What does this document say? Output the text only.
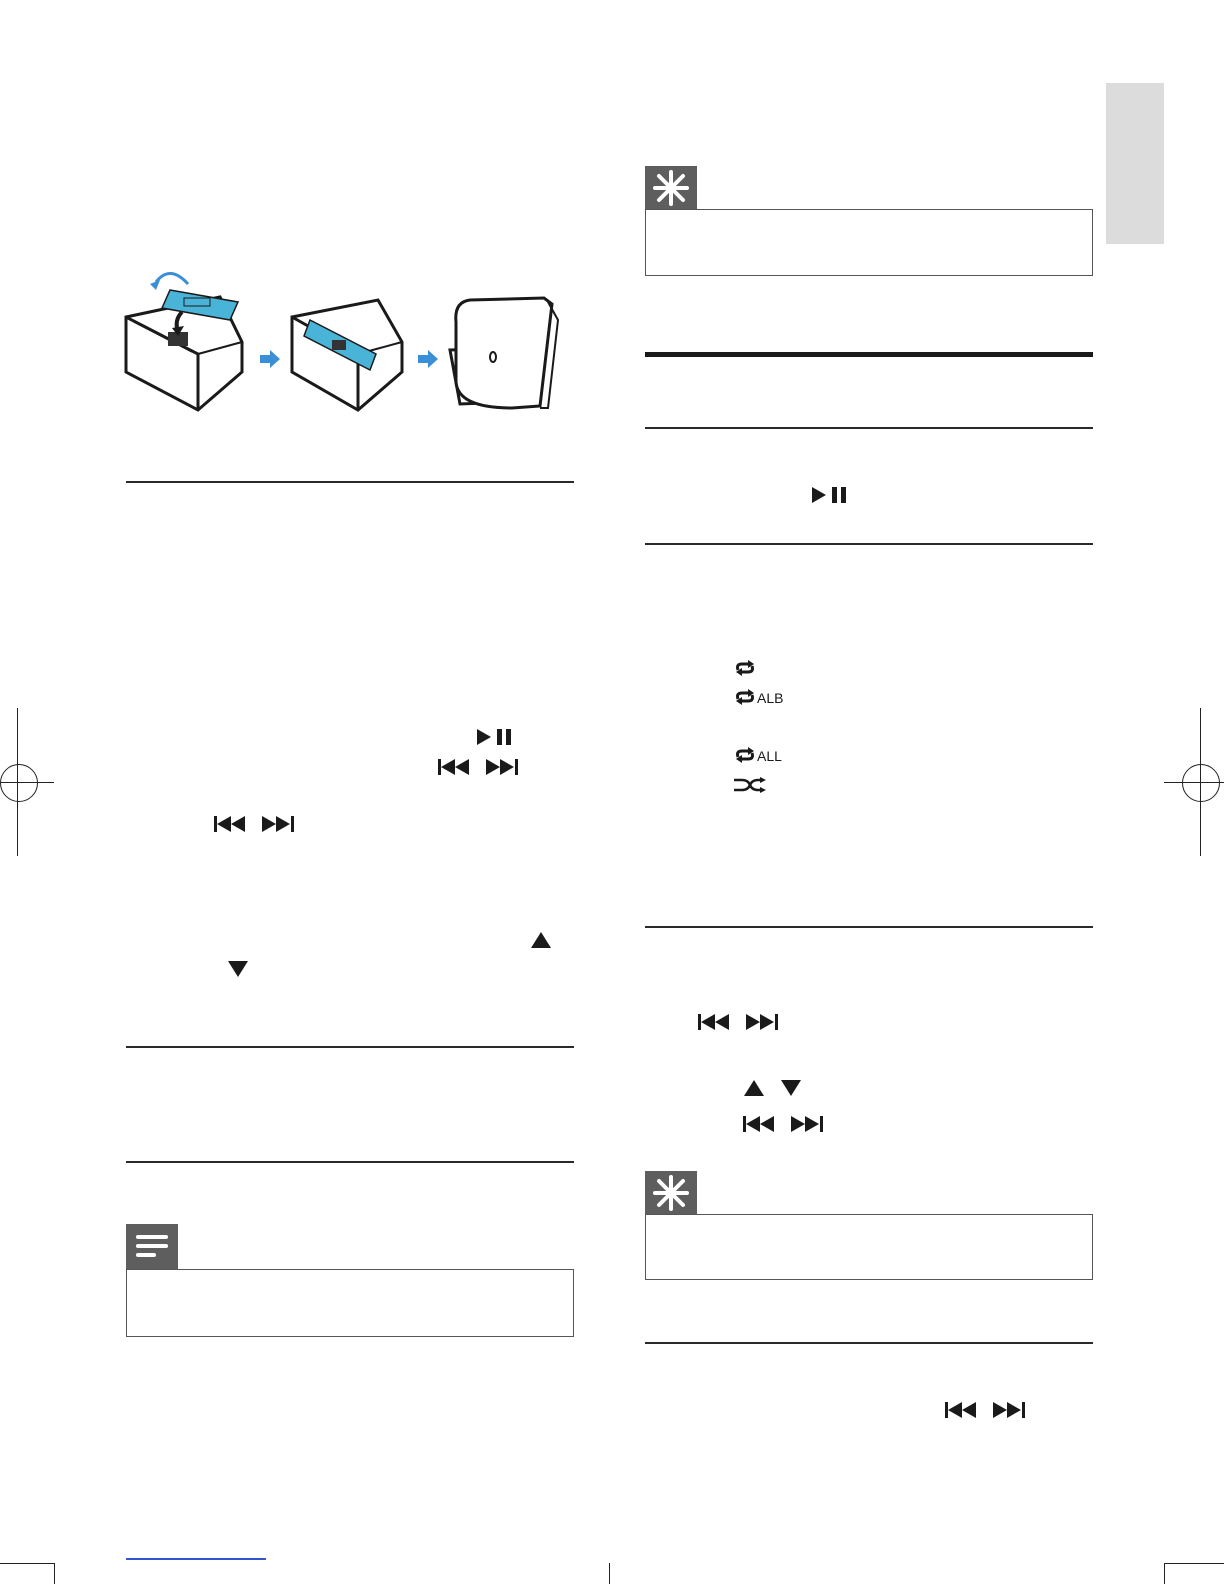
ALB
ALL
